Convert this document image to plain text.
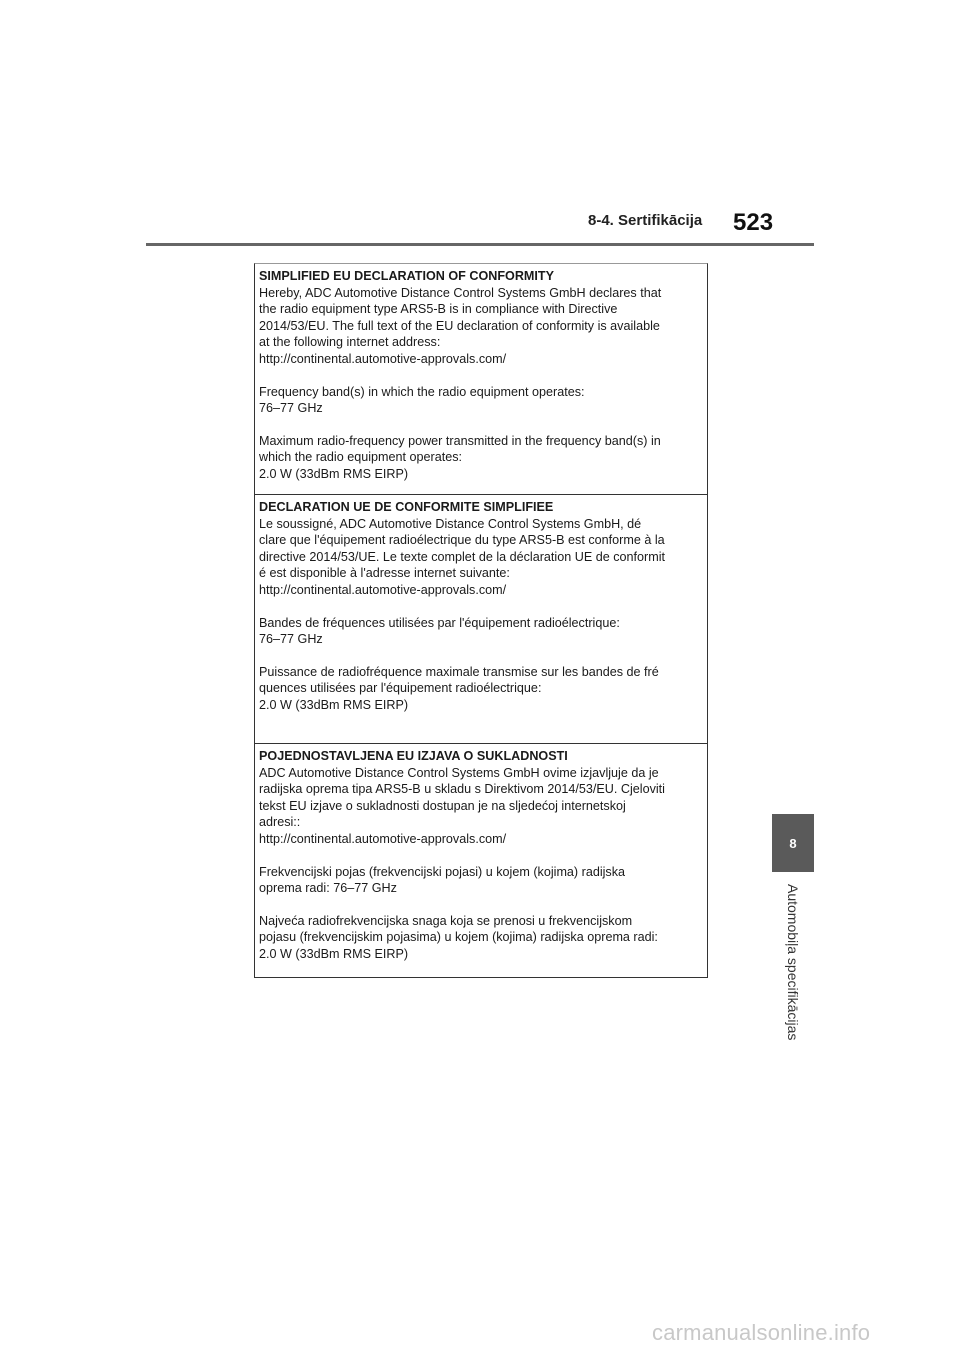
8-4. Sertifikācija 523
SIMPLIFIED EU DECLARATION OF CONFORMITY
Hereby, ADC Automotive Distance Control Systems GmbH declares that
the radio equipment type ARS5-B is in compliance with Directive
2014/53/EU. The full text of the EU declaration of conformity is available
at the following internet address:
http://continental.automotive-approvals.com/
Frequency band(s) in which the radio equipment operates:
76–77 GHz
Maximum radio-frequency power transmitted in the frequency band(s) in
which the radio equipment operates:
2.0 W (33dBm RMS EIRP)
DECLARATION UE DE CONFORMITE SIMPLIFIEE
Le soussigné, ADC Automotive Distance Control Systems GmbH, dé
clare que l'équipement radioélectrique du type ARS5-B est conforme à la
directive 2014/53/UE. Le texte complet de la déclaration UE de conformit
é est disponible à l'adresse internet suivante:
http://continental.automotive-approvals.com/
Bandes de fréquences utilisées par l'équipement radioélectrique:
76–77 GHz
Puissance de radiofréquence maximale transmise sur les bandes de fré
quences utilisées par l'équipement radioélectrique:
2.0 W (33dBm RMS EIRP)
POJEDNOSTAVLJENA EU IZJAVA O SUKLADNOSTI
ADC Automotive Distance Control Systems GmbH ovime izjavljuje da je
radijska oprema tipa ARS5-B u skladu s Direktivom 2014/53/EU. Cjeloviti
tekst EU izjave o sukladnosti dostupan je na sljedećoj internetskoj
adresi::
http://continental.automotive-approvals.com/
Frekvencijski pojas (frekvencijski pojasi) u kojem (kojima) radijska
oprema radi: 76–77 GHz
Najveća radiofrekvencijska snaga koja se prenosi u frekvencijskom
pojasu (frekvencijskim pojasima) u kojem (kojima) radijska oprema radi:
2.0 W (33dBm RMS EIRP)
8
Automobiļa specifikācijas
carmanualsonline.info
